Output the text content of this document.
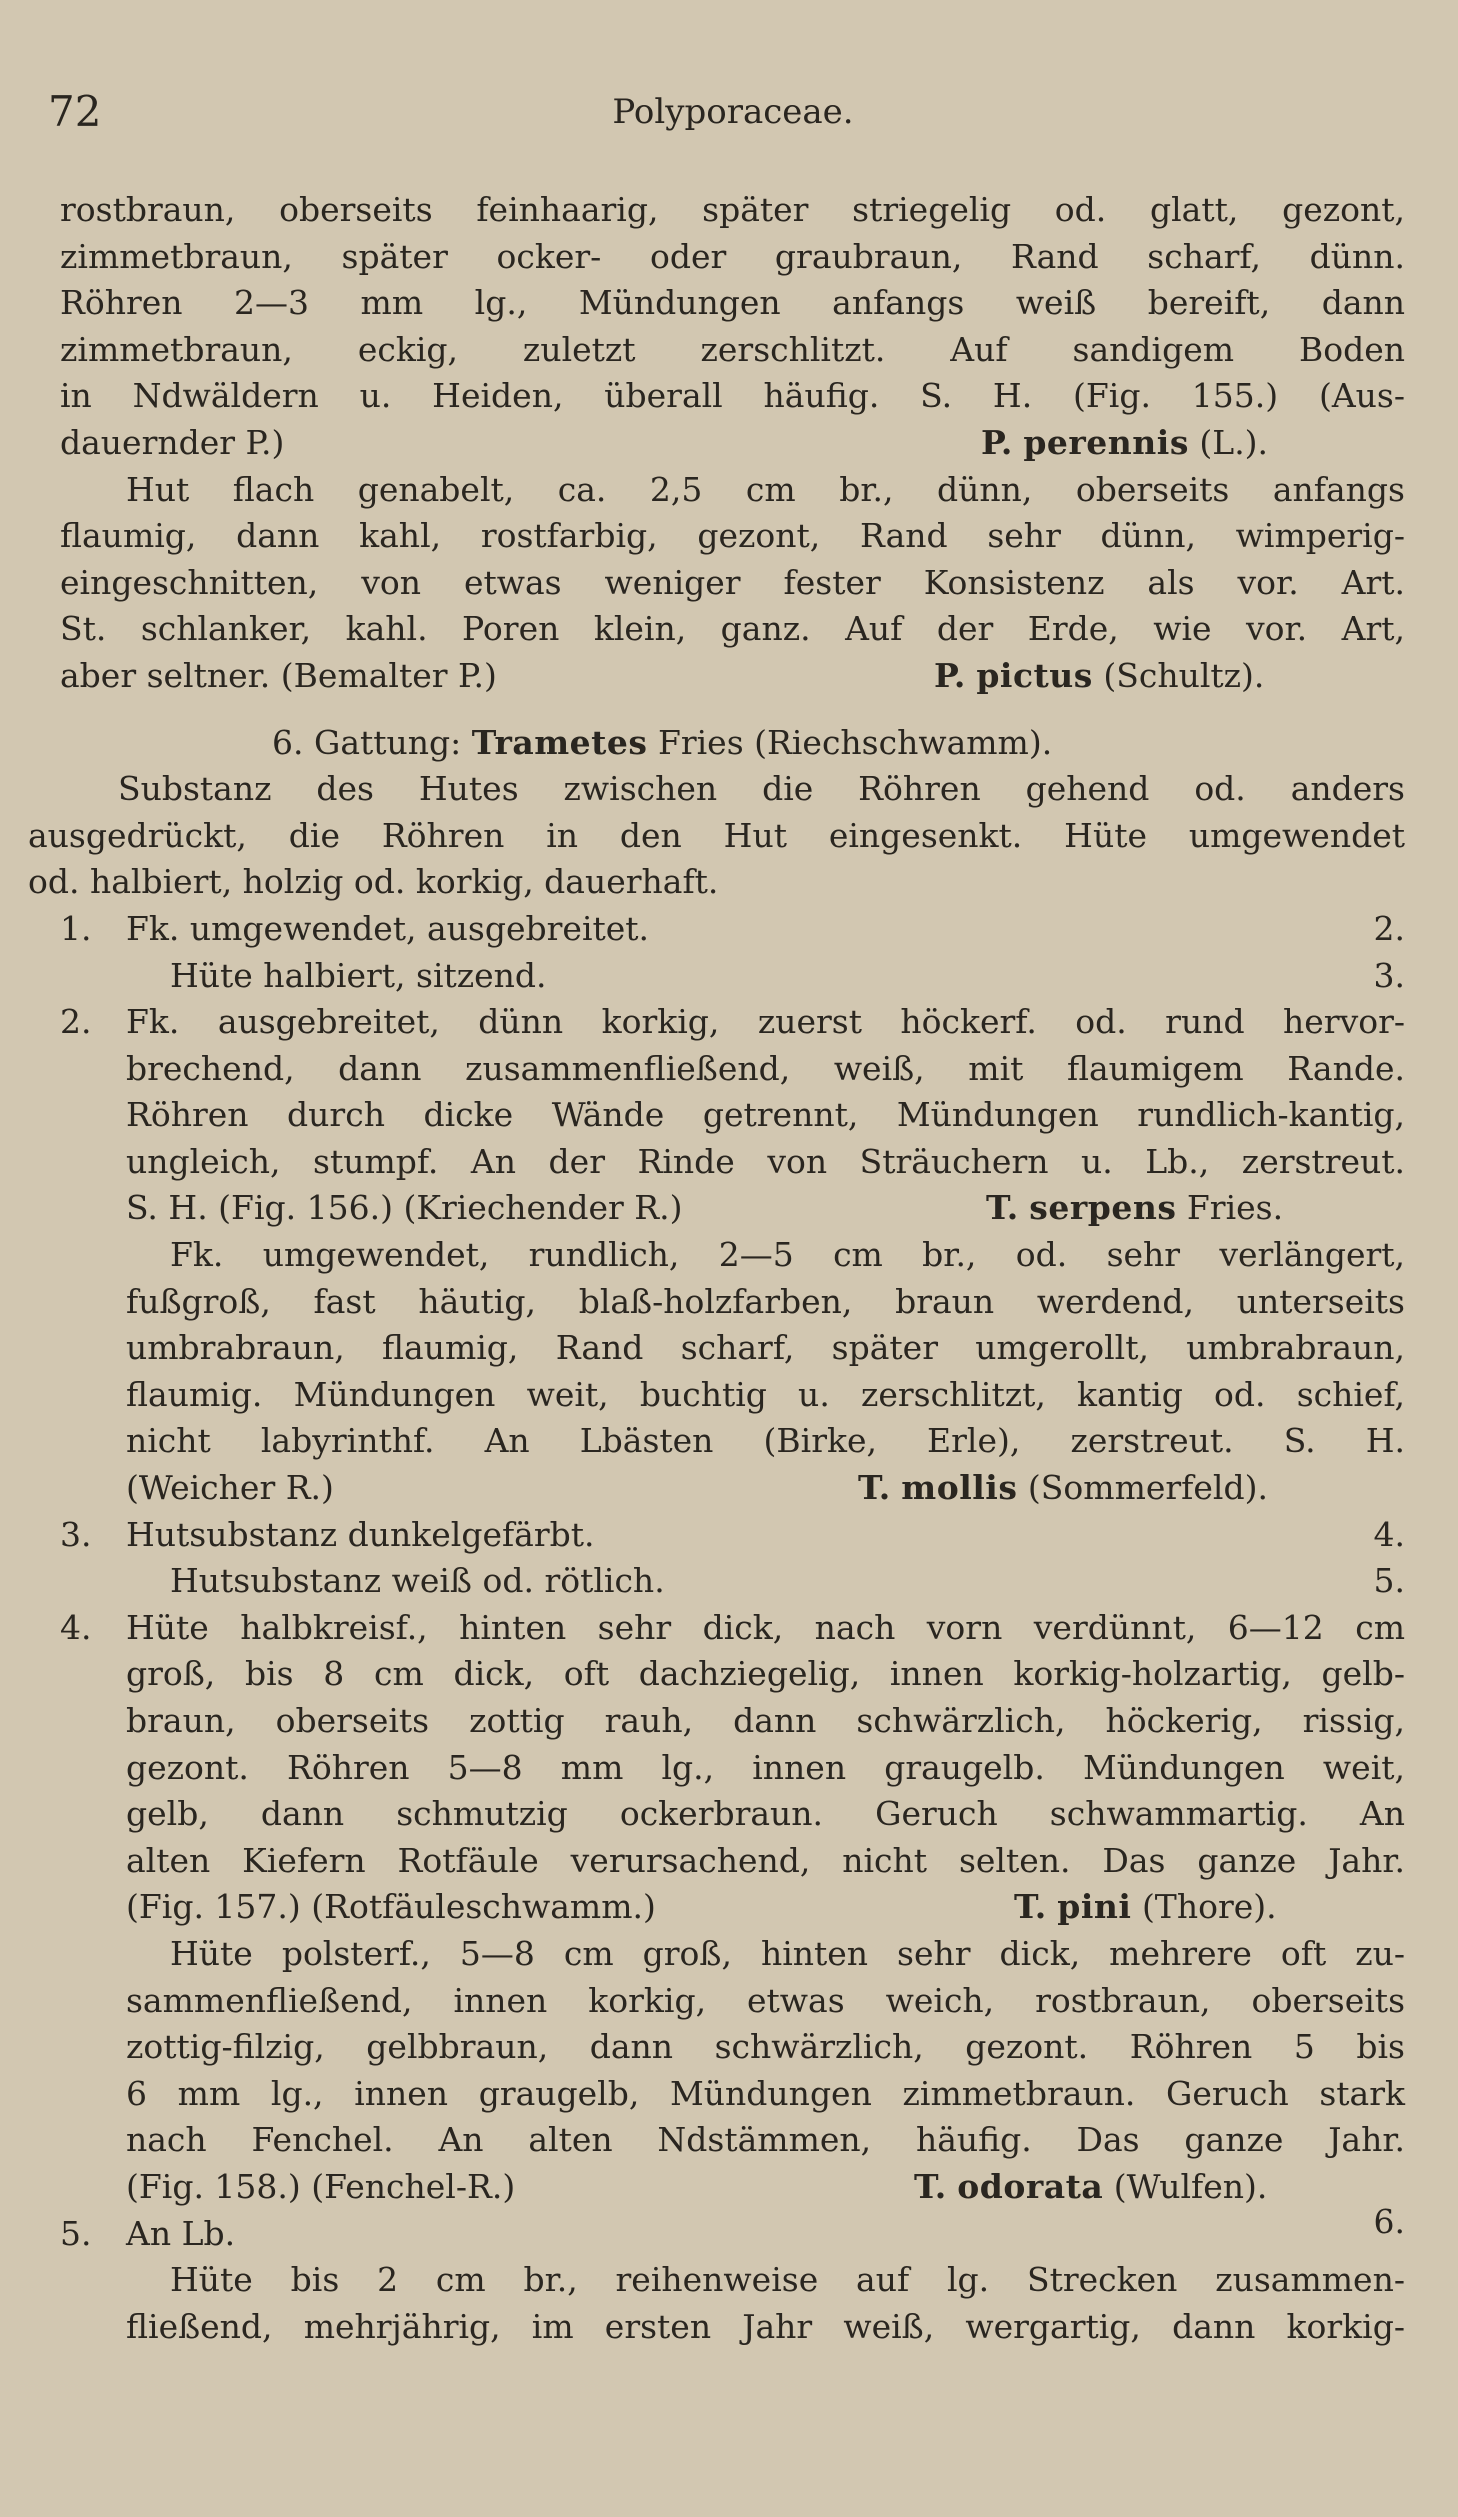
72	Polyporaceae.
rostbraun, oberseits feinhaarig, später striegelig od. glatt, gezont,
zimmetbraun, später ocker- oder graubraun, Rand scharf, dünn.
Röhren 2—3 mm lg., Mündungen anfangs weiß bereift, dann
zimmetbraun, eckig, zuletzt zerschlitzt. Auf sandigem Boden
in Ndwäldern u. Heiden, überall häufig. S. H. (Fig. 155.) (Aus-
dauernder P.)	P. perennis (L.).
Hut flach genabelt, ca. 2,5 cm br., dünn, oberseits anfangs
flaumig, dann kahl, rostfarbig, gezont, Rand sehr dünn, wimperig-
eingeschnitten, von etwas weniger fester Konsistenz als vor. Art.
St. schlanker, kahl. Poren klein, ganz. Auf der Erde, wie vor. Art,
aber seltner. (Bemalter P.)	P. pictus (Schultz).
6. Gattung: Trametes Fries (Riechschwamm).
Substanz des Hutes zwischen die Röhren gehend od. anders
ausgedrückt, die Röhren in den Hut eingesenkt. Hüte umgewendet
od. halbiert, holzig od. korkig, dauerhaft.
1. Fk. umgewendet, ausgebreitet.	2.
Hüte halbiert, sitzend.	3.
2. Fk. ausgebreitet, dünn korkig, zuerst höckerf. od. rund hervor-
brechend, dann zusammenfließend, weiß, mit flaumigem Rande.
Röhren durch dicke Wände getrennt, Mündungen rundlich-kantig,
ungleich, stumpf. An der Rinde von Sträuchern u. Lb., zerstreut.
S. H. (Fig. 156.) (Kriechender R.)	T. serpens Fries.
Fk. umgewendet, rundlich, 2—5 cm br., od. sehr verlängert,
fußgroß, fast häutig, blaß-holzfarben, braun werdend, unterseits
umbrabraun, flaumig, Rand scharf, später umgerollt, umbrabraun,
flaumig. Mündungen weit, buchtig u. zerschlitzt, kantig od. schief,
nicht labyrinthf. An Lbästen (Birke, Erle), zerstreut. S. H.
(Weicher R.)	T. mollis (Sommerfeld).
3. Hutsubstanz dunkelgefärbt.	4.
Hutsubstanz weiß od. rötlich.	5.
4. Hüte halbkreisf., hinten sehr dick, nach vorn verdünnt, 6—12 cm
groß, bis 8 cm dick, oft dachziegelig, innen korkig-holzartig, gelb-
braun, oberseits zottig rauh, dann schwärzlich, höckerig, rissig,
gezont. Röhren 5—8 mm lg., innen graugelb. Mündungen weit,
gelb, dann schmutzig ockerbraun. Geruch schwammartig. An
alten Kiefern Rotfäule verursachend, nicht selten. Das ganze Jahr.
(Fig. 157.) (Rotfäuleschwamm.)	T. pini (Thore).
Hüte polsterf., 5—8 cm groß, hinten sehr dick, mehrere oft zu-
sammenfließend, innen korkig, etwas weich, rostbraun, oberseits
zottig-filzig, gelbbraun, dann schwärzlich, gezont. Röhren 5 bis
6 mm lg., innen graugelb, Mündungen zimmetbraun. Geruch stark
nach Fenchel. An alten Ndstämmen, häufig. Das ganze Jahr.
(Fig. 158.) (Fenchel-R.)	T. odorata (Wulfen).
5. An Lb.	6.
Hüte bis 2 cm br., reihenweise auf lg. Strecken zusammen-
fließend, mehrjährig, im ersten Jahr weiß, wergartig, dann korkig-
